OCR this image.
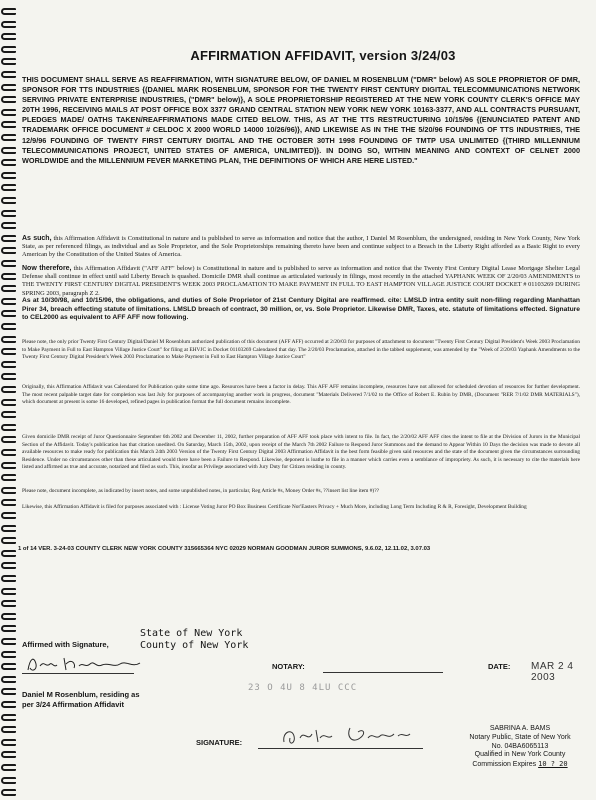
AFFIRMATION AFFIDAVIT, version 3/24/03

THIS DOCUMENT SHALL SERVE AS REAFFIRMATION, WITH SIGNATURE BELOW, OF DANIEL M ROSENBLUM ("DMR" below) AS SOLE PROPRIETOR OF DMR, SPONSOR FOR TTS INDUSTRIES {(DANIEL MARK ROSENBLUM, SPONSOR FOR THE TWENTY FIRST CENTURY DIGITAL TELECOMMUNICATIONS NETWORK SERVING PRIVATE ENTERPRISE INDUSTRIES, ("DMR" below)}, A SOLE PROPRIETORSHIP REGISTERED AT THE NEW YORK COUNTY CLERK'S OFFICE MAY 20TH 1996, RECEIVING MAILS AT POST OFFICE BOX 3377 GRAND CENTRAL STATION NEW YORK NEW YORK 10163-3377, AND ALL CONTRACTS PURSUANT, PLEDGES MADE/ OATHS TAKEN/REAFFIRMATIONS MADE CITED BELOW. THIS, AS AT THE TTS RESTRUCTURING 10/15/96 {(ENUNCIATED PATENT AND TRADEMARK OFFICE DOCUMENT # CELDOC X 2000 WORLD 14000 10/26/96)}, AND LIKEWISE AS IN THE THE 5/20/96 FOUNDING OF TTS INDUSTRIES, THE 12/9/96 FOUNDING OF TWENTY FIRST CENTURY DIGITAL AND THE OCTOBER 30TH 1998 FOUNDING OF TMTP USA UNLIMITED {(THIRD MILLENNIUM TELECOMMUNICATIONS PROJECT, UNITED STATES OF AMERICA, UNLIMITED)}. IN DOING SO, WITHIN MEANING AND CONTEXT OF CELNET 2000 WORLDWIDE and the MILLENNIUM FEVER MARKETING PLAN, THE DEFINITIONS OF WHICH ARE HERE LISTED."

As such, this Affirmation Affidavit is Constitutional in nature and is published to serve as information and notice that the author, I Daniel M Rosenblum, the undersigned, residing in New York County, New York State, as per referenced filings, as individual and as Sole Proprietor, and the Sole Proprietorships remaining thereto have been and continue subject to a Breach in the Liberty Right afforded as a Basic Right to every American by the Constitution of the United States of America.

Now therefore, this Affirmation Affidavit ("AFF AFF" below) is Constitutional in nature and is published to serve as information and notice that the Twenty First Century Digital Lease Mortgage Shelter Legal Defense shall continue in effect until said Liberty Breach is quashed. Domicile DMR shall continue as articulated variously in filings, most recently in the attached YAPHANK WEEK OF 2/20/03 AMENDMENTS to THE TWENTY FIRST CENTURY DIGITAL PRESIDENT'S WEEK 2003 PROCLAMATION TO MAKE PAYMENT IN FULL TO EAST HAMPTON VILLAGE JUSTICE COURT DOCKET # 01103269 DURING SPRING 2003, paragraph Z 2.

As at 10/30/98, and 10/15/96, the obligations, and duties of Sole Proprietor of 21st Century Digital are reaffirmed. cite: LMSLD intra entity suit non-filing regarding Manhattan Pirer 34, breach effecting statute of limitations. LMSLD breach of contract, 30 million, or, vs. Sole Proprietor. Likewise DMR, Taxes, etc. statute of limitations effected. Signature to CEL2000 as equivalent to AFF AFF now following.

Please note, the only prior Twenty First Century Digital/Daniel M Rosenblum authorized publication of this document (AFF AFF) occurred at 2/20/03 for purposes of attachment to document "Twenty First Century Digital President's Week 2003 Proclamation to Make Payment in Full to East Hampton Village Justice Court" for filing at EHVJC in Docket 01103269 Calendared that day. The 2/20/03 Proclamation, attached in the tabbed supplement, was amended by the "Week of 2/20/03 Yaphank Amendments to the Twenty First Century Digital President's Week 2003 Proclamation to Make Payment in Full to East Hampton Village Justice Court"

Originally, this Affirmation Affidavit was Calendared for Publication quite some time ago. Resources have been a factor in delay. This AFF AFF remains incomplete, resources have not allowed for scheduled devotion of resources for further development. The most recent palpable target date for completion was last July for purposes of accompanying another work in progress, document "Materials Delivered 7/1/02 to the Office of Robert E. Rubin by DMR, (Document "RER 7/1/02 DMR MATERIALS"), which document at present is some 16 developed, refined pages in publication format the full document remains incomplete.

Given domicile DMR receipt of Juror Questionnaire September 6th 2002 and December 11, 2002, further preparation of AFF AFF took place with intent to file. In fact, the 2/20/02 AFF AFF cites the intent to file at the Division of Jurors in the Municipal Section of the Affidavit. Today's publication has that citation unedited. On Saturday, March 15th, 2002, upon receipt of the March 7th 2002 Failure to Respond Juror Summons and the demand to Appear Within 10 Days the decision was made to devote all available resources to make ready for publication this March 24th 2003 Version of the Twenty First Century Digital 2003 Affirmation Affidavit in the best form feasible given said resources and the state of the document given the circumstances surrounding Residence. Under no circumstances other than these articulated would there have been a Failure to Respond. Likewise, deponent is loathe to file in a manner which carries even a semblance of impropriety. As such, it is necessary to cite the materials here listed and affirmed as true and accurate, notarized and filed as such. This, insofar as Privilege associated with Jury Duty for Citizen residing in county.

Please note, document incomplete, as indicated by insert notes, and some unpublished notes, in particular, Reg Article #s, Money Order #s, ??insert list line item #)??

Likewise, this Affirmation Affidavit is filed for purposes associated with : License Voting Juror PO Box Business Certificate Nor'Easters Privacy + Much More, including Long Term Including R & R, Foresight, Development Building

1 of 14 VER. 3-24-03 COUNTY CLERK NEW YORK COUNTY 315665364 NYC 02029 NORMAN GOODMAN JUROR SUMMONS, 9.6.02, 12.11.02, 3.07.03
Affirmed with Signature,
State of New York
County of New York
Daniel M Rosenblum, residing as
per 3/24 Affirmation Affidavit
NOTARY:
23 O 4U 8 4LU CCC
DATE:
SIGNATURE:
MAR 2 4 2003
SABRINA A. BAMS
Notary Public, State of New York
No. 04BA6065113
Qualified in New York County
Commission Expires 10 ? 20
